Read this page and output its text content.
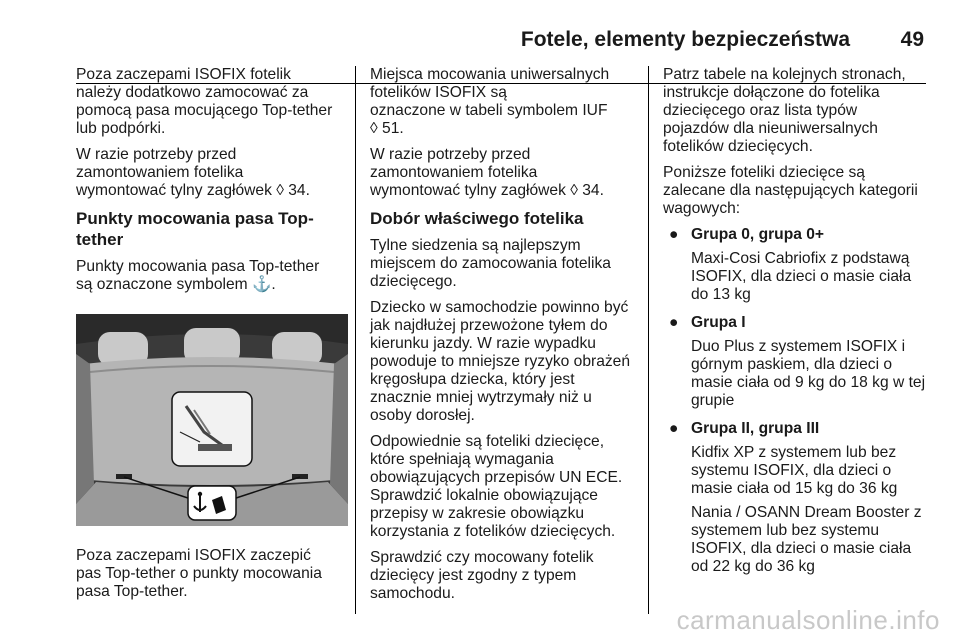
Fotele, elementy bezpieczeństwa 49

Poza zaczepami ISOFIX fotelik
należy dodatkowo zamocować za
pomocą pasa mocującego Top-tether
lub podpórki.

W razie potrzeby przed
zamontowaniem fotelika
wymontować tylny zagłówek ◊ 34.

Punkty mocowania pasa Top-
tether

Punkty mocowania pasa Top-tether
są oznaczone symbolem ⚓.

Poza zaczepami ISOFIX zaczepić
pas Top-tether o punkty mocowania
pasa Top-tether.

Miejsca mocowania uniwersalnych
fotelików ISOFIX są
oznaczone w tabeli symbolem IUF
◊ 51.

W razie potrzeby przed
zamontowaniem fotelika
wymontować tylny zagłówek ◊ 34.

Dobór właściwego fotelika

Tylne siedzenia są najlepszym
miejscem do zamocowania fotelika
dziecięcego.

Dziecko w samochodzie powinno być
jak najdłużej przewożone tyłem do
kierunku jazdy. W razie wypadku
powoduje to mniejsze ryzyko obrażeń
kręgosłupa dziecka, który jest
znacznie mniej wytrzymały niż u
osoby dorosłej.

Odpowiednie są foteliki dziecięce,
które spełniają wymagania
obowiązujących przepisów UN ECE.
Sprawdzić lokalnie obowiązujące
przepisy w zakresie obowiązku
korzystania z fotelików dziecięcych.

Sprawdzić czy mocowany fotelik
dziecięcy jest zgodny z typem
samochodu.

Patrz tabele na kolejnych stronach,
instrukcje dołączone do fotelika
dziecięcego oraz lista typów
pojazdów dla nieuniwersalnych
fotelików dziecięcych.

Poniższe foteliki dziecięce są
zalecane dla następujących kategorii
wagowych:

● Grupa 0, grupa 0+
Maxi-Cosi Cabriofix z podstawą
ISOFIX, dla dzieci o masie ciała
do 13 kg
● Grupa I
Duo Plus z systemem ISOFIX i
górnym paskiem, dla dzieci o
masie ciała od 9 kg do 18 kg w tej
grupie
● Grupa II, grupa III
Kidfix XP z systemem lub bez
systemu ISOFIX, dla dzieci o
masie ciała od 15 kg do 36 kg
Nania / OSANN Dream Booster z
systemem lub bez systemu
ISOFIX, dla dzieci o masie ciała
od 22 kg do 36 kg
carmanualsonline.info
